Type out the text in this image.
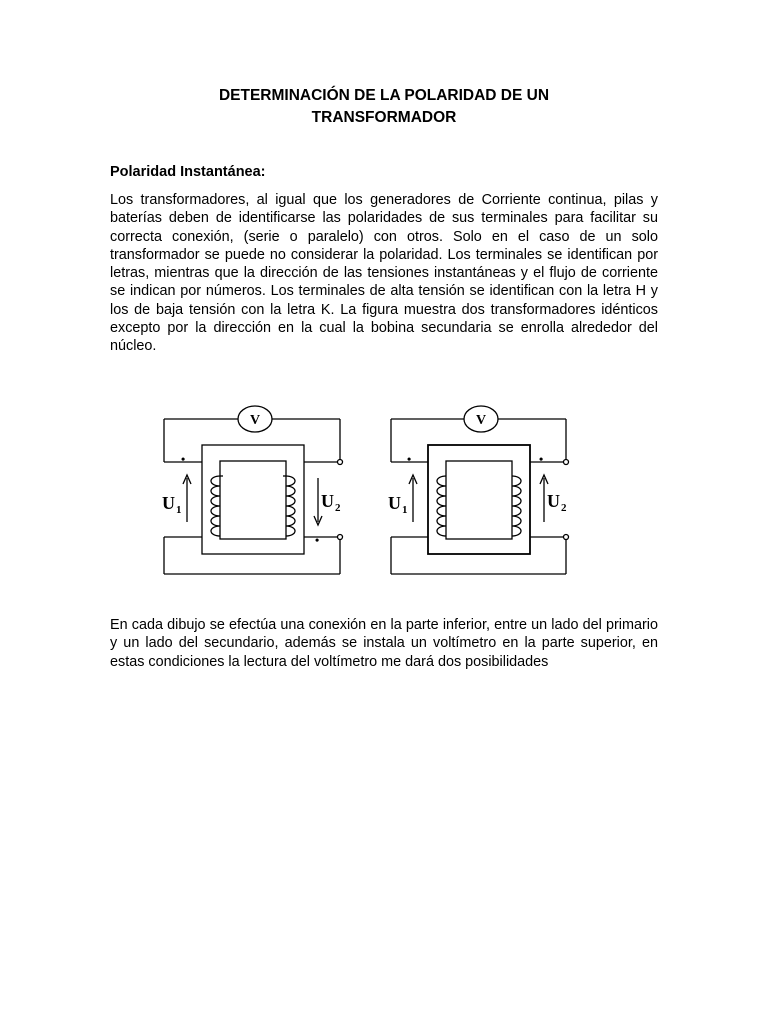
DETERMINACIÓN DE LA POLARIDAD DE UN
TRANSFORMADOR
Polaridad Instantánea:

Los transformadores, al igual que los generadores de Corriente continua, pilas y baterías deben de identificarse las polaridades de sus terminales para facilitar su correcta conexión, (serie o paralelo) con otros. Solo en el caso de un solo transformador se puede no considerar la polaridad. Los terminales se identifican por letras, mientras que la dirección de las tensiones instantáneas y el flujo de corriente se indican por números. Los terminales de alta tensión se identifican con la letra H y los de baja tensión con la letra K. La figura muestra dos transformadores idénticos excepto por la dirección en la cual la bobina secundaria se enrolla alrededor del núcleo.

V
U 1	U 2
•
•
V
U 1	U 2
•	•

En cada dibujo se efectúa una conexión en la parte inferior, entre un lado del primario y un lado del secundario, además se instala un voltímetro en la parte superior, en estas condiciones la lectura del voltímetro me dará dos posibilidades
